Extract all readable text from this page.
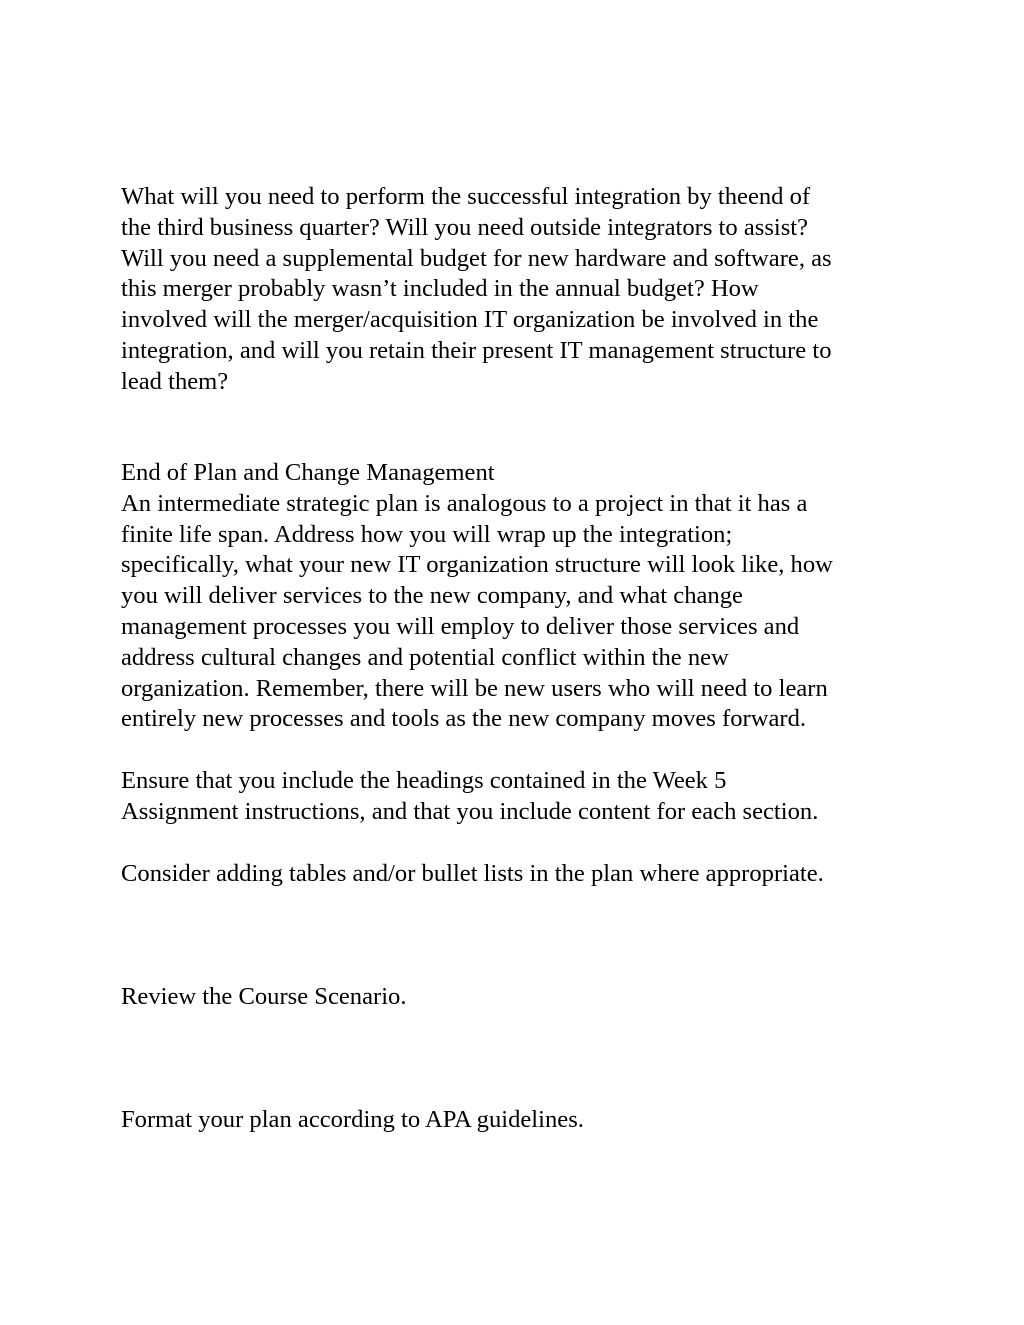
What will you need to perform the successful integration by theend of
the third business quarter? Will you need outside integrators to assist?
Will you need a supplemental budget for new hardware and software, as
this merger probably wasn’t included in the annual budget? How
involved will the merger/acquisition IT organization be involved in the
integration, and will you retain their present IT management structure to
lead them?

End of Plan and Change Management
An intermediate strategic plan is analogous to a project in that it has a
finite life span. Address how you will wrap up the integration;
specifically, what your new IT organization structure will look like, how
you will deliver services to the new company, and what change
management processes you will employ to deliver those services and
address cultural changes and potential conflict within the new
organization. Remember, there will be new users who will need to learn
entirely new processes and tools as the new company moves forward.

Ensure that you include the headings contained in the Week 5
Assignment instructions, and that you include content for each section.

Consider adding tables and/or bullet lists in the plan where appropriate.

Review the Course Scenario.

Format your plan according to APA guidelines.
